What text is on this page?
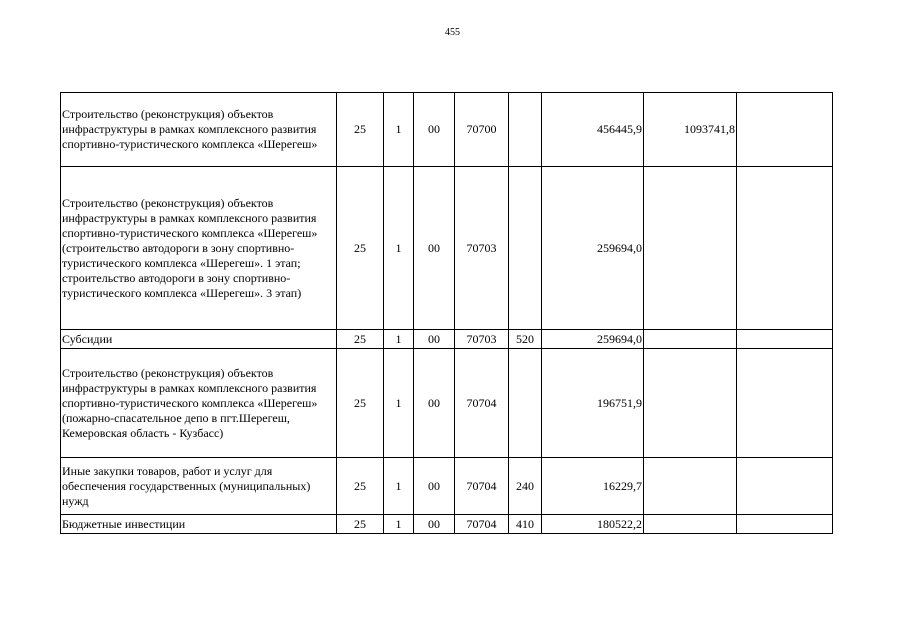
455
Строительство (реконструкция) объектов инфраструктуры в рамках комплексного развития спортивно-туристического комплекса «Шерегеш»	25	1	00	70700		456445,9	1093741,8	
Строительство (реконструкция) объектов инфраструктуры в рамках комплексного развития спортивно-туристического комплекса «Шерегеш» (строительство автодороги в зону спортивно-туристического комплекса «Шерегеш». 1 этап; строительство автодороги в зону спортивно-туристического комплекса «Шерегеш». 3 этап)	25	1	00	70703		259694,0		
Субсидии	25	1	00	70703	520	259694,0		
Строительство (реконструкция) объектов инфраструктуры в рамках комплексного развития спортивно-туристического комплекса «Шерегеш» (пожарно-спасательное депо в пгт.Шерегеш, Кемеровская область - Кузбасс)	25	1	00	70704		196751,9		
Иные закупки товаров, работ и услуг для обеспечения государственных (муниципальных) нужд	25	1	00	70704	240	16229,7		
Бюджетные инвестиции	25	1	00	70704	410	180522,2		
